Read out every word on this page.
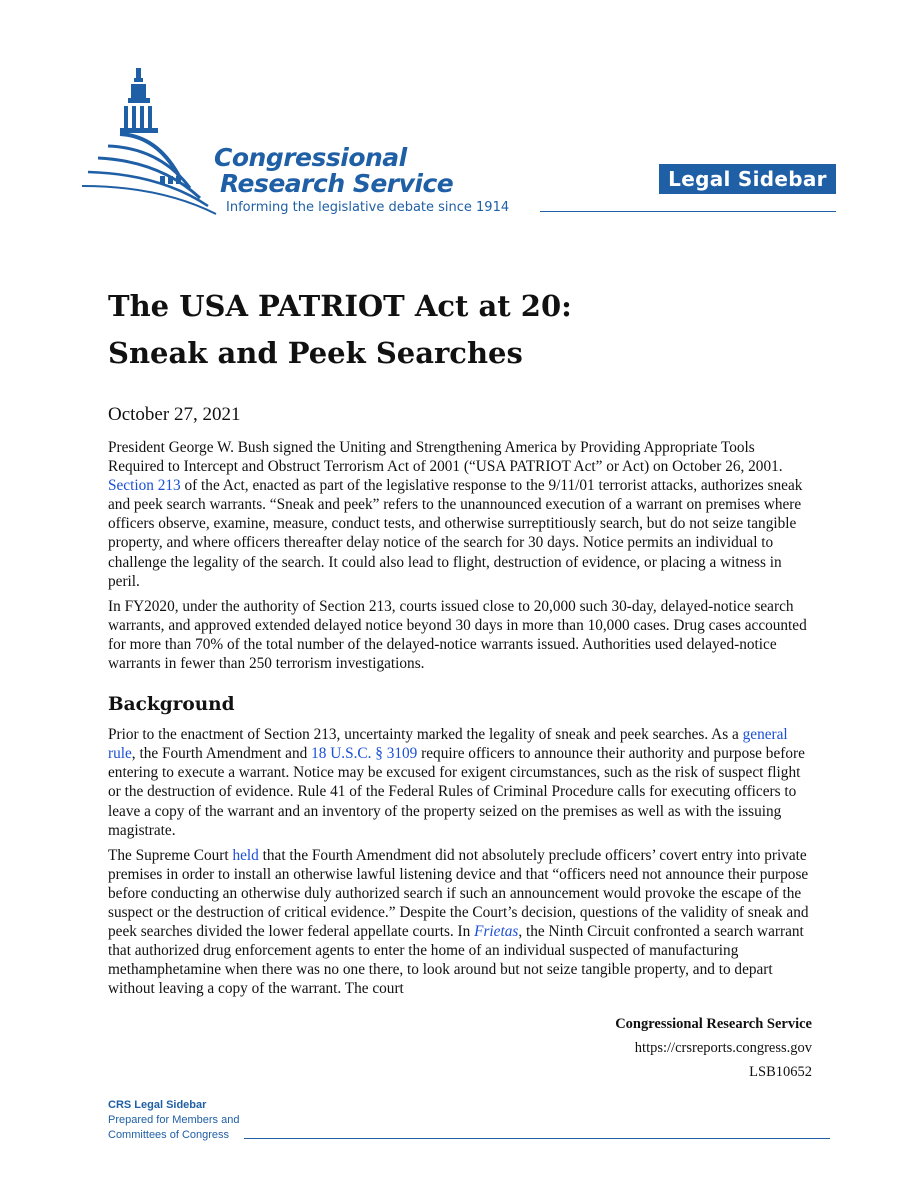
Congressional
Research Service
Informing the legislative debate since 1914
Legal Sidebar
The USA PATRIOT Act at 20:
Sneak and Peek Searches
October 27, 2021

President George W. Bush signed the Uniting and Strengthening America by Providing Appropriate Tools Required to Intercept and Obstruct Terrorism Act of 2001 (“USA PATRIOT Act” or Act) on October 26, 2001. Section 213 of the Act, enacted as part of the legislative response to the 9/11/01 terrorist attacks, authorizes sneak and peek search warrants. “Sneak and peek” refers to the unannounced execution of a warrant on premises where officers observe, examine, measure, conduct tests, and otherwise surreptitiously search, but do not seize tangible property, and where officers thereafter delay notice of the search for 30 days. Notice permits an individual to challenge the legality of the search. It could also lead to flight, destruction of evidence, or placing a witness in peril.

In FY2020, under the authority of Section 213, courts issued close to 20,000 such 30-day, delayed-notice search warrants, and approved extended delayed notice beyond 30 days in more than 10,000 cases. Drug cases accounted for more than 70% of the total number of the delayed-notice warrants issued. Authorities used delayed-notice warrants in fewer than 250 terrorism investigations.

Background

Prior to the enactment of Section 213, uncertainty marked the legality of sneak and peek searches. As a general rule, the Fourth Amendment and 18 U.S.C. § 3109 require officers to announce their authority and purpose before entering to execute a warrant. Notice may be excused for exigent circumstances, such as the risk of suspect flight or the destruction of evidence. Rule 41 of the Federal Rules of Criminal Procedure calls for executing officers to leave a copy of the warrant and an inventory of the property seized on the premises as well as with the issuing magistrate.

The Supreme Court held that the Fourth Amendment did not absolutely preclude officers’ covert entry into private premises in order to install an otherwise lawful listening device and that “officers need not announce their purpose before conducting an otherwise duly authorized search if such an announcement would provoke the escape of the suspect or the destruction of critical evidence.” Despite the Court’s decision, questions of the validity of sneak and peek searches divided the lower federal appellate courts. In Frietas, the Ninth Circuit confronted a search warrant that authorized drug enforcement agents to enter the home of an individual suspected of manufacturing methamphetamine when there was no one there, to look around but not seize tangible property, and to depart without leaving a copy of the warrant. The court

Congressional Research Service
https://crsreports.congress.gov
LSB10652
CRS Legal Sidebar
Prepared for Members and
Committees of Congress
